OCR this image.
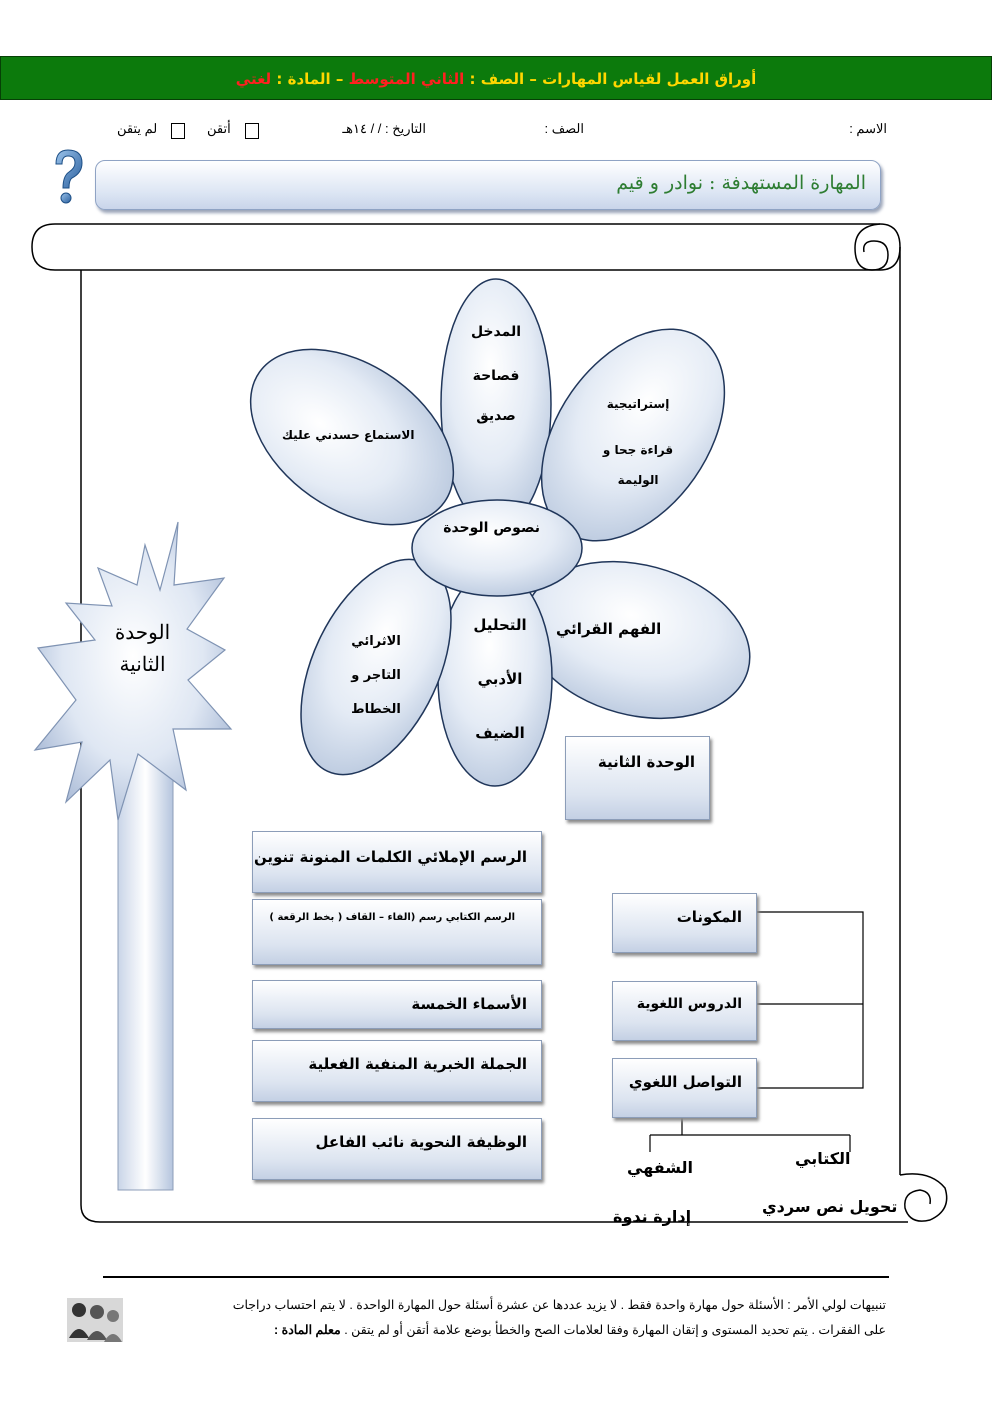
أوراق العمل لقياس المهارات – الصف : الثاني المتوسط – المادة : لغتي
الاسم :
الصف :
التاريخ : / / ١٤هـ
أتقن
لم يتقن
المهارة المستهدفة : نوادر و قيم
الوحدة
الثانية
نصوص الوحدة
المدخل
فصاحة
صديق
إستراتيجية
قراءة جحا و
الوليمة
الاستماع حسدني عليك
الفهم القرائي
التحليل
الأدبي
الضيف
الاثرائي
التاجر و
الخطاط
الوحدة الثانية
الرسم الإملائي الكلمات المنونة تنوين
الرسم الكتابي رسم (الفاء – القاف ( بخط الرقعة )
الأسماء الخمسة
الجملة الخبرية المنفية الفعلية
الوظيفة النحوية نائب الفاعل
المكونات
الدروس اللغوية
التواصل اللغوي
الكتابي
الشفهي
تحويل نص سردي
إدارة ندوة
تنبيهات لولي الأمر : الأسئلة حول مهارة واحدة فقط . لا يزيد عددها عن عشرة أسئلة حول المهارة الواحدة . لا يتم احتساب دراجات
على الفقرات . يتم تحديد المستوى و إتقان المهارة وفقا لعلامات الصح والخطأ بوضع علامة أتقن أو لم يتقن . معلم المادة :
